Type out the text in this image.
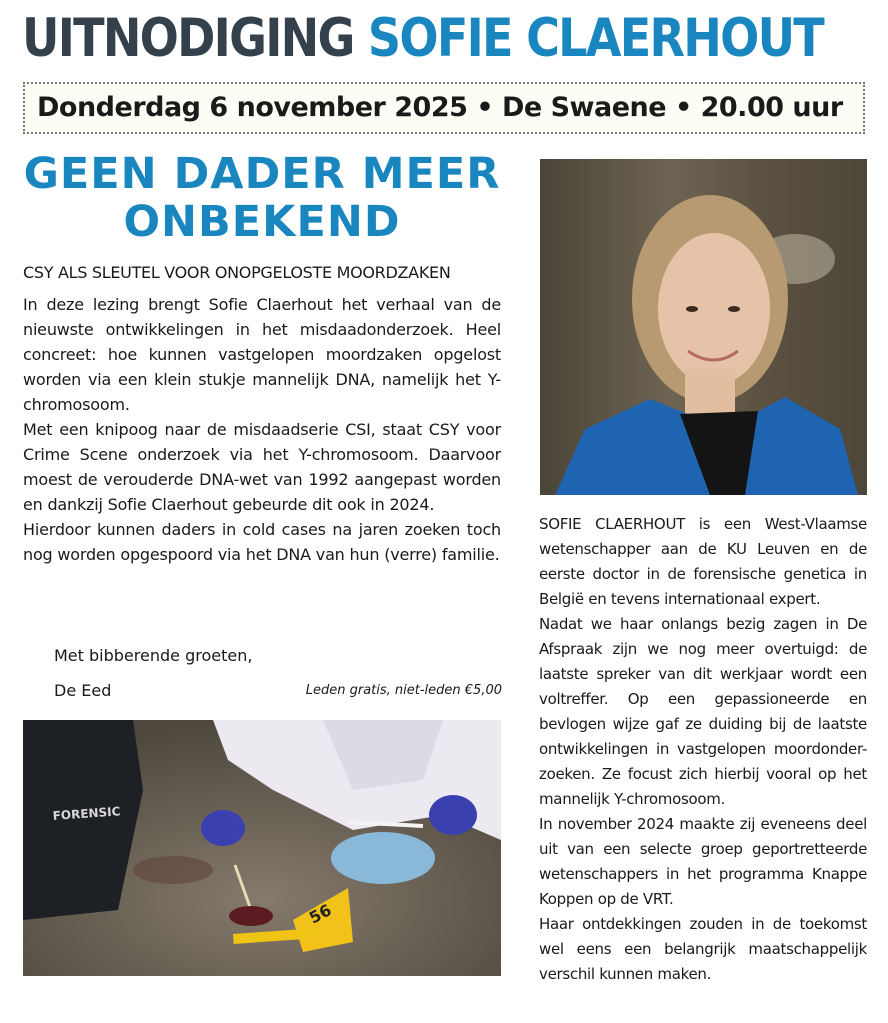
UITNODIGING SOFIE CLAERHOUT
Donderdag 6 november 2025 • De Swaene • 20.00 uur
GEEN DADER MEER ONBEKEND
CSY ALS SLEUTEL VOOR ONOPGELOSTE MOORDZAKEN

In deze lezing brengt Sofie Claerhout het verhaal van de nieuwste ontwikkelingen in het misdaadonderzoek. Heel concreet: hoe kunnen vastgelopen moordzaken opgelost worden via een klein stukje mannelijk DNA, namelijk het Y-chromosoom.

Met een knipoog naar de misdaadserie CSI, staat CSY voor Crime Scene onderzoek via het Y-chromosoom. Daarvoor moest de verouderde DNA-wet van 1992 aangepast worden en dankzij Sofie Claerhout gebeurde dit ook in 2024.

Hierdoor kunnen daders in cold cases na jaren zoeken toch nog worden opgespoord via het DNA van hun (verre) familie.

Met bibberende groeten,
De Eed	Leden gratis, niet-leden €5,00
FORENSIC
56

SOFIE CLAERHOUT is een West-Vlaamse wetenschapper aan de KU Leuven en de eerste doctor in de forensische genetica in België en tevens internationaal expert.

Nadat we haar onlangs bezig zagen in De Afspraak zijn we nog meer overtuigd: de laatste spreker van dit werkjaar wordt een voltreffer. Op een gepassioneerde en bevlogen wijze gaf ze duiding bij de laatste ontwikkelingen in vastgelopen moordonder-zoeken. Ze focust zich hierbij vooral op het mannelijk Y-chromosoom.

In november 2024 maakte zij eveneens deel uit van een selecte groep geportretteerde wetenschappers in het programma Knappe Koppen op de VRT.

Haar ontdekkingen zouden in de toekomst wel eens een belangrijk maatschappelijk verschil kunnen maken.
